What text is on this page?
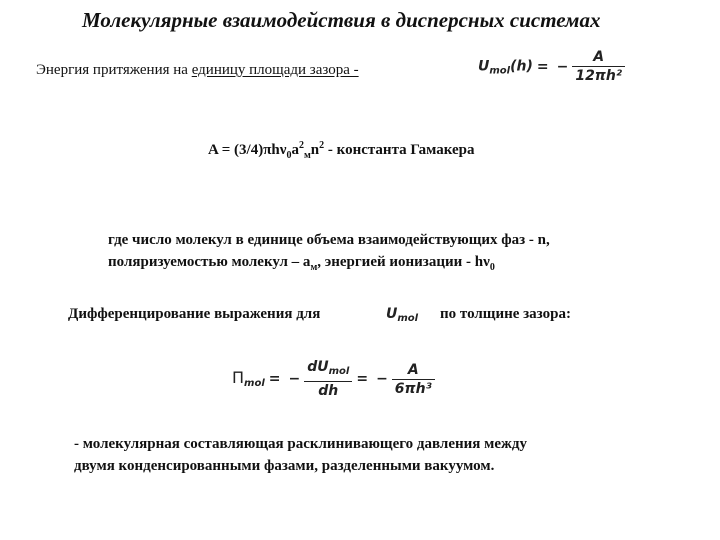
Молекулярные взаимодействия в дисперсных системах
Энергия притяжения на единицу площади зазора -	$U_{mol}(h)$ = − $\frac{A}{\text{12πh²}}$
$A = (3/4)\pi h\nu_0a^2_мn^2$ - константа Гамакера
где число молекул в единице объема взаимодействующих фаз - n,
поляризуемостью молекул – $a_м$, энергией ионизации - $h\nu_0$
Дифференцирование выражения для	$U_{mol}$ по толщине зазора:
$\Pi_{mol}$ = − $\frac{dU_{mol}}{dh}$ = − $\frac{A}{\text{6πh³}}$
- молекулярная составляющая расклинивающего давления между
двумя конденсированными фазами, разделенными вакуумом.
